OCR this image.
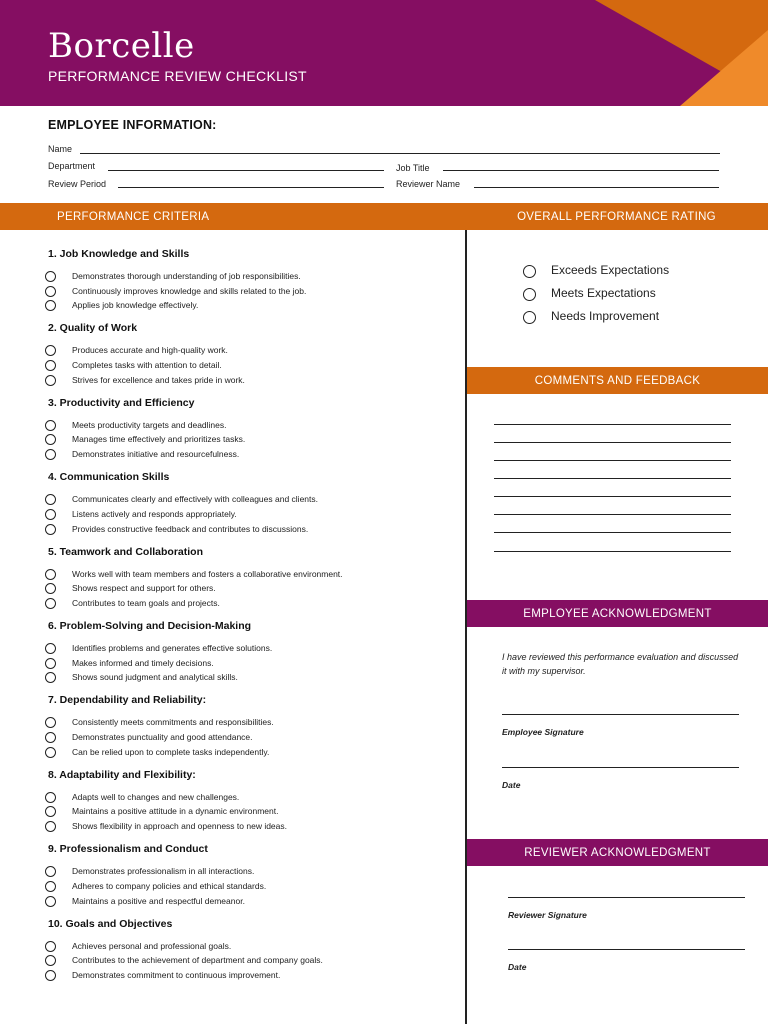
Borcelle
PERFORMANCE REVIEW CHECKLIST
EMPLOYEE INFORMATION:
Name
Department	Job Title
Review Period	Reviewer Name
PERFORMANCE CRITERIA	OVERALL PERFORMANCE RATING
1. Job Knowledge and Skills
Demonstrates thorough understanding of job responsibilities.
Continuously improves knowledge and skills related to the job.
Applies job knowledge effectively.
2. Quality of Work
Produces accurate and high-quality work.
Completes tasks with attention to detail.
Strives for excellence and takes pride in work.
3. Productivity and Efficiency
Meets productivity targets and deadlines.
Manages time effectively and prioritizes tasks.
Demonstrates initiative and resourcefulness.
4. Communication Skills
Communicates clearly and effectively with colleagues and clients.
Listens actively and responds appropriately.
Provides constructive feedback and contributes to discussions.
5. Teamwork and Collaboration
Works well with team members and fosters a collaborative environment.
Shows respect and support for others.
Contributes to team goals and projects.
6. Problem-Solving and Decision-Making
Identifies problems and generates effective solutions.
Makes informed and timely decisions.
Shows sound judgment and analytical skills.
7. Dependability and Reliability:
Consistently meets commitments and responsibilities.
Demonstrates punctuality and good attendance.
Can be relied upon to complete tasks independently.
8. Adaptability and Flexibility:
Adapts well to changes and new challenges.
Maintains a positive attitude in a dynamic environment.
Shows flexibility in approach and openness to new ideas.
9. Professionalism and Conduct
Demonstrates professionalism in all interactions.
Adheres to company policies and ethical standards.
Maintains a positive and respectful demeanor.
10. Goals and Objectives
Achieves personal and professional goals.
Contributes to the achievement of department and company goals.
Demonstrates commitment to continuous improvement.
Exceeds Expectations
Meets Expectations
Needs Improvement
COMMENTS AND FEEDBACK
EMPLOYEE ACKNOWLEDGMENT
I have reviewed this performance evaluation and discussed it with my supervisor.
Employee Signature
Date
REVIEWER ACKNOWLEDGMENT
Reviewer Signature
Date
